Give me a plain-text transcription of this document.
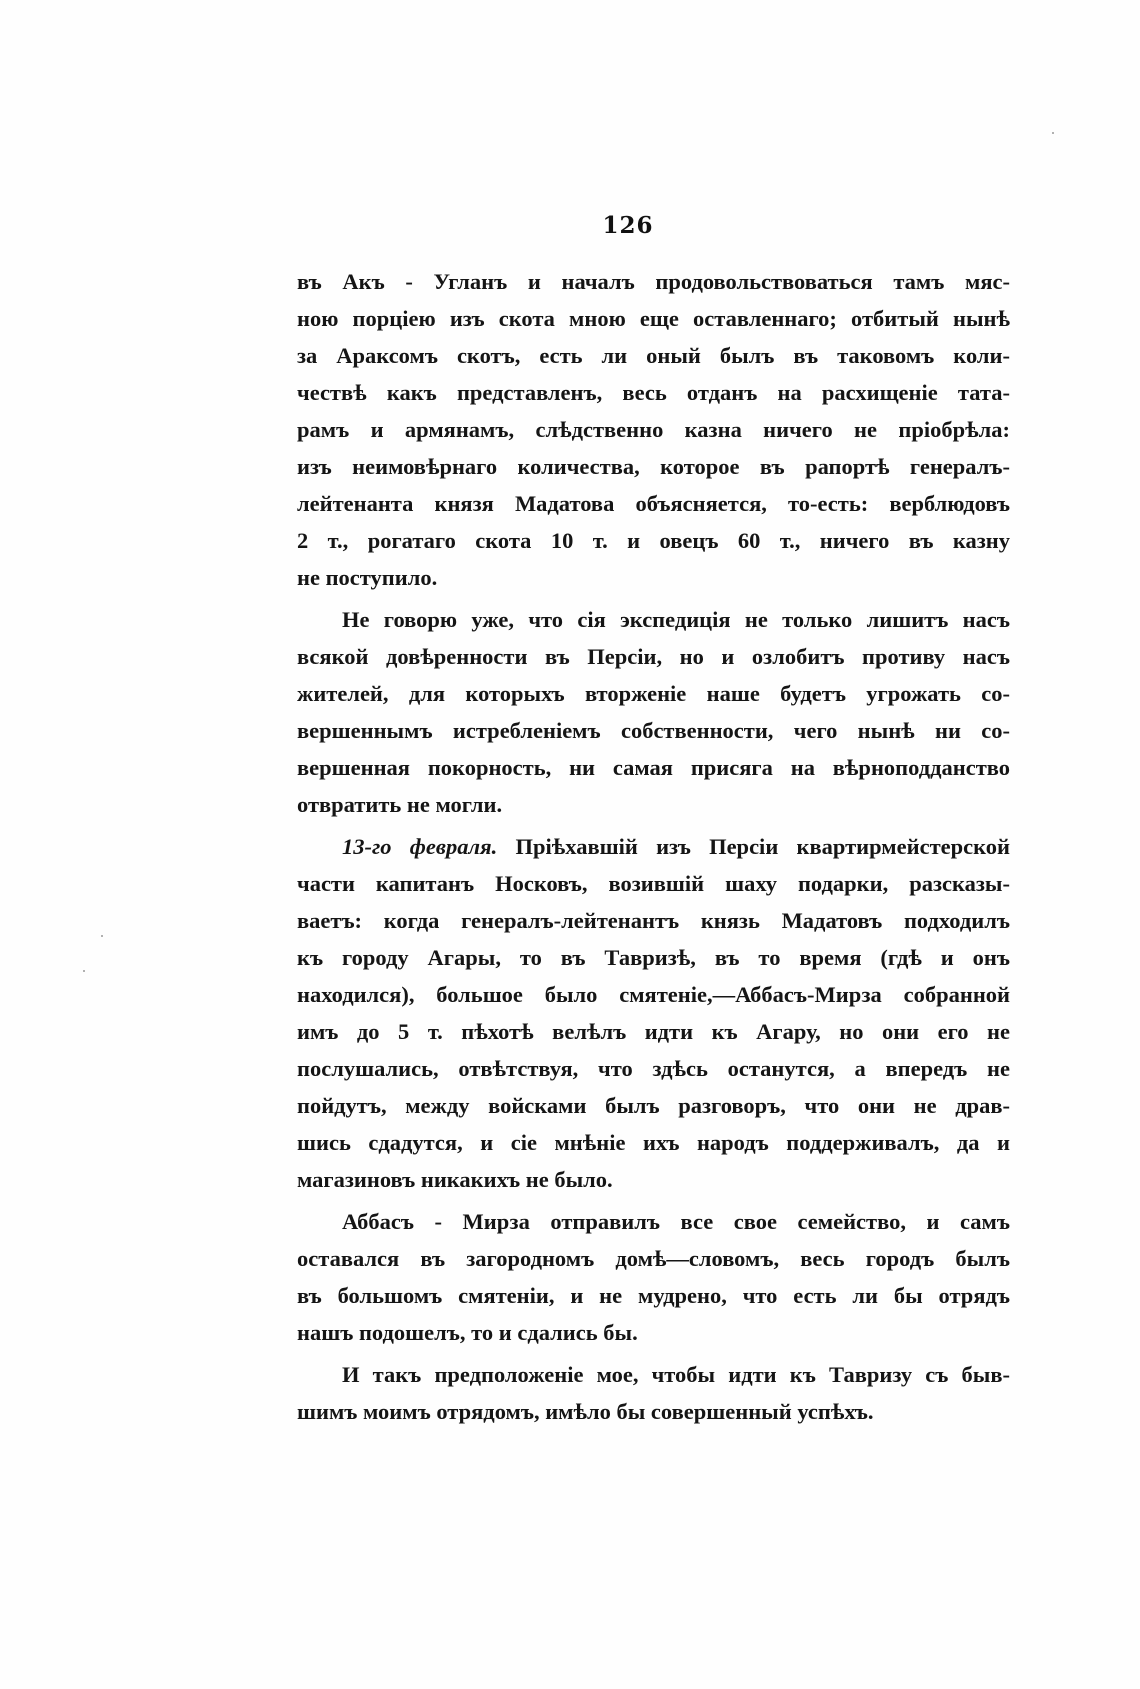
126
въ Акъ - Угланъ и началъ продовольствоваться тамъ мяс-
ною порціею изъ скота мною еще оставленнаго; отбитый нынѣ
за Араксомъ скотъ, есть ли оный былъ въ таковомъ коли-
чествѣ какъ представленъ, весь отданъ на расхищеніе тата-
рамъ и армянамъ, слѣдственно казна ничего не пріобрѣла:
изъ неимовѣрнаго количества, которое въ рапортѣ генералъ-
лейтенанта князя Мадатова объясняется, то-есть: верблюдовъ
2 т., рогатаго скота 10 т. и овецъ 60 т., ничего въ казну
не поступило.
Не говорю уже, что сія экспедиція не только лишитъ насъ
всякой довѣренности въ Персіи, но и озлобитъ противу насъ
жителей, для которыхъ вторженіе наше будетъ угрожать со-
вершеннымъ истребленіемъ собственности, чего нынѣ ни со-
вершенная покорность, ни самая присяга на вѣрноподданство
отвратить не могли.
13-го февраля. Пріѣхавшій изъ Персіи квартирмейстерской
части капитанъ Носковъ, возившій шаху подарки, разсказы-
ваетъ: когда генералъ-лейтенантъ князь Мадатовъ подходилъ
къ городу Агары, то въ Тавризѣ, въ то время (гдѣ и онъ
находился), большое было смятеніе,—Аббасъ-Мирза собранной
имъ до 5 т. пѣхотѣ велѣлъ идти къ Агару, но они его не
послушались, отвѣтствуя, что здѣсь останутся, а впередъ не
пойдутъ, между войсками былъ разговоръ, что они не драв-
шись сдадутся, и сіе мнѣніе ихъ народъ поддерживалъ, да и
магазиновъ никакихъ не было.
Аббасъ - Мирза отправилъ все свое семейство, и самъ
оставался въ загородномъ домѣ—словомъ, весь городъ былъ
въ большомъ смятеніи, и не мудрено, что есть ли бы отрядъ
нашъ подошелъ, то и сдались бы.
И такъ предположеніе мое, чтобы идти къ Тавризу съ быв-
шимъ моимъ отрядомъ, имѣло бы совершенный успѣхъ.
